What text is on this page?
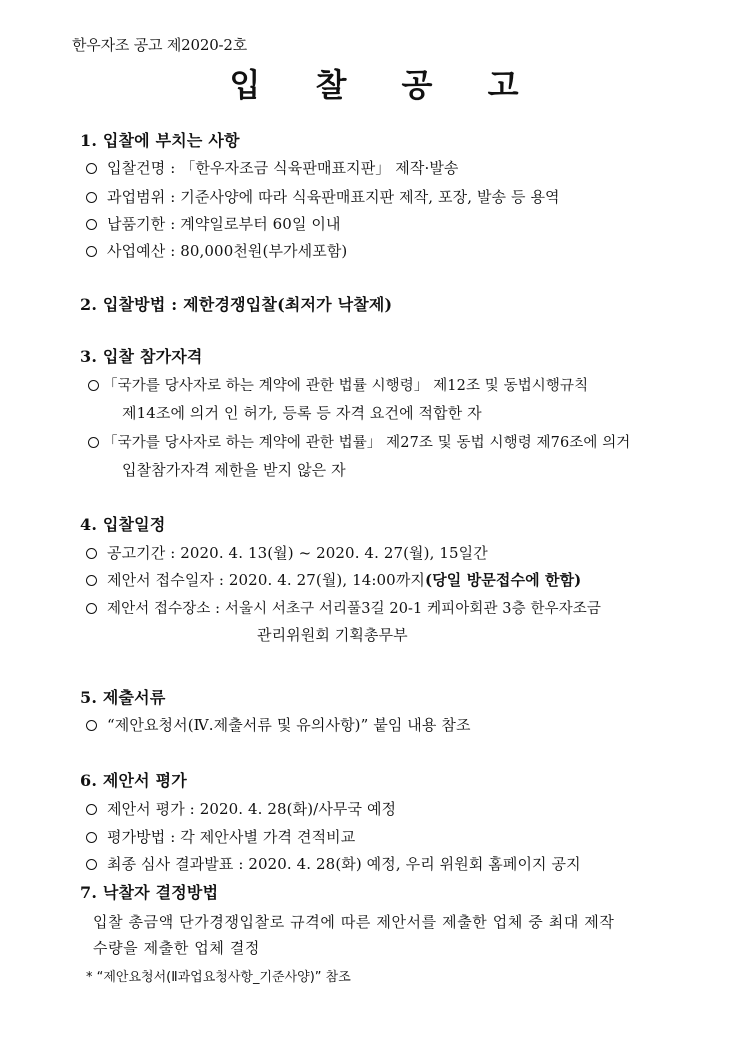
한우자조 공고 제2020-2호
입 찰 공 고
1. 입찰에 부치는 사항
입찰건명 : 「한우자조금 식육판매표지판」 제작·발송
과업범위 : 기준사양에 따라 식육판매표지판 제작, 포장, 발송 등 용역
납품기한 : 계약일로부터 60일 이내
사업예산 : 80,000천원(부가세포함)
2. 입찰방법 : 제한경쟁입찰(최저가 낙찰제)
3. 입찰 참가자격
「국가를 당사자로 하는 계약에 관한 법률 시행령」 제12조 및 동법시행규칙
제14조에 의거 인 허가, 등록 등 자격 요건에 적합한 자
「국가를 당사자로 하는 계약에 관한 법률」 제27조 및 동법 시행령 제76조에 의거
입찰참가자격 제한을 받지 않은 자
4. 입찰일정
공고기간 : 2020. 4. 13(월) ~ 2020. 4. 27(월), 15일간
제안서 접수일자 : 2020. 4. 27(월), 14:00까지(당일 방문접수에 한함)
제안서 접수장소 : 서울시 서초구 서리풀3길 20-1 케피아회관 3층 한우자조금
관리위원회 기획총무부
5. 제출서류
“제안요청서(Ⅳ.제출서류 및 유의사항)” 붙임 내용 참조
6. 제안서 평가
제안서 평가 : 2020. 4. 28(화)/사무국 예정
평가방법 : 각 제안사별 가격 견적비교
최종 심사 결과발표 : 2020. 4. 28(화) 예정, 우리 위원회 홈페이지 공지
7. 낙찰자 결정방법
입찰 총금액 단가경쟁입찰로 규격에 따른 제안서를 제출한 업체 중 최대 제작
수량을 제출한 업체 결정
* “제안요청서(Ⅱ과업요청사항_기준사양)” 참조
